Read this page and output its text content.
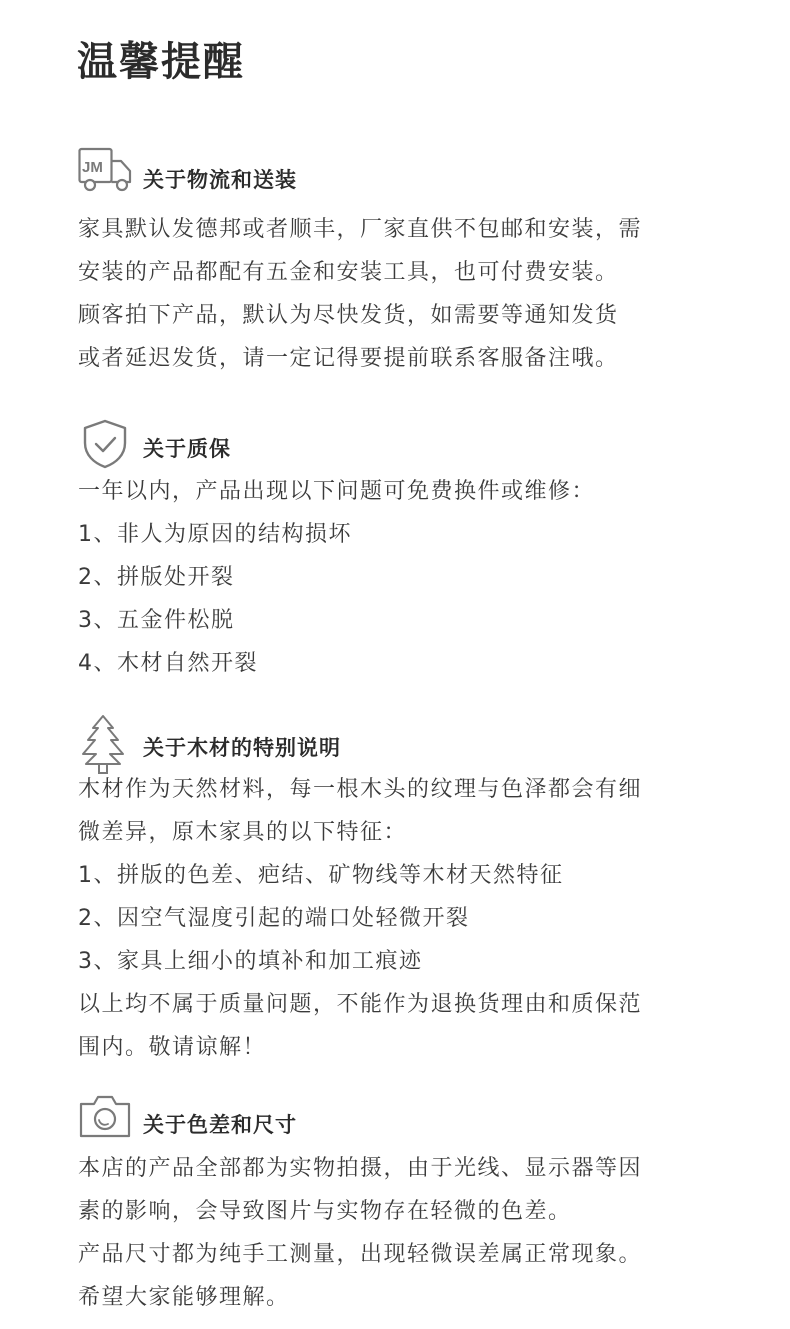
温馨提醒
JM
关于物流和送装
家具默认发德邦或者顺丰，厂家直供不包邮和安装，需
安装的产品都配有五金和安装工具，也可付费安装。
顾客拍下产品，默认为尽快发货，如需要等通知发货
或者延迟发货，请一定记得要提前联系客服备注哦。
关于质保
一年以内，产品出现以下问题可免费换件或维修：
1、非人为原因的结构损坏
2、拼版处开裂
3、五金件松脱
4、木材自然开裂
关于木材的特别说明
木材作为天然材料，每一根木头的纹理与色泽都会有细
微差异，原木家具的以下特征：
1、拼版的色差、疤结、矿物线等木材天然特征
2、因空气湿度引起的端口处轻微开裂
3、家具上细小的填补和加工痕迹
以上均不属于质量问题，不能作为退换货理由和质保范
围内。敬请谅解！
关于色差和尺寸
本店的产品全部都为实物拍摄，由于光线、显示器等因
素的影响，会导致图片与实物存在轻微的色差。
产品尺寸都为纯手工测量，出现轻微误差属正常现象。
希望大家能够理解。
